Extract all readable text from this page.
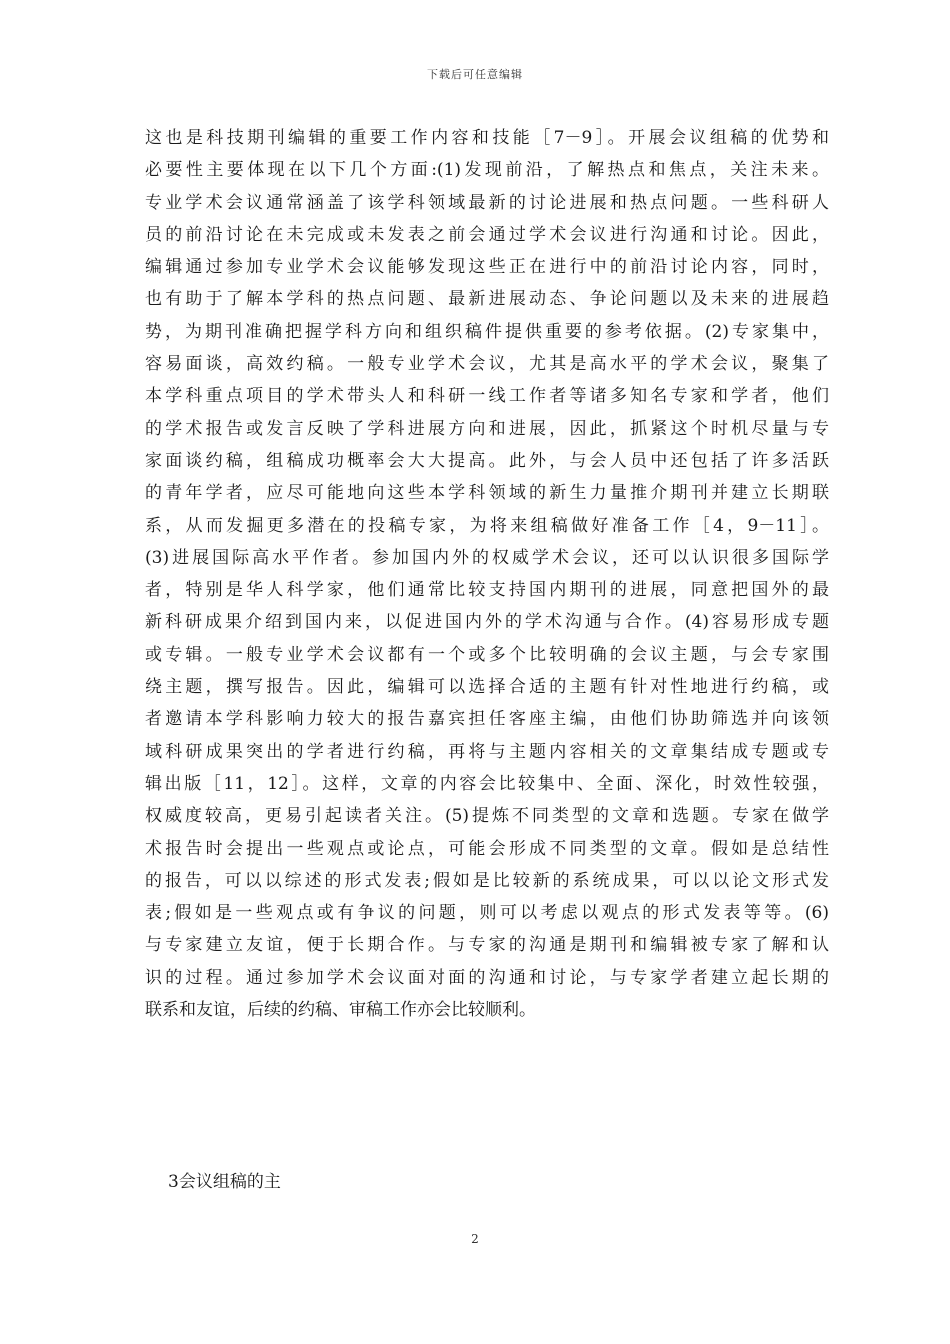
下载后可任意编辑
这也是科技期刊编辑的重要工作内容和技能［7－9］。开展会议组稿的优势和
必要性主要体现在以下几个方面:(1)发现前沿，了解热点和焦点，关注未来。
专业学术会议通常涵盖了该学科领域最新的讨论进展和热点问题。一些科研人
员的前沿讨论在未完成或未发表之前会通过学术会议进行沟通和讨论。因此，
编辑通过参加专业学术会议能够发现这些正在进行中的前沿讨论内容，同时，
也有助于了解本学科的热点问题、最新进展动态、争论问题以及未来的进展趋
势，为期刊准确把握学科方向和组织稿件提供重要的参考依据。(2)专家集中，
容易面谈，高效约稿。一般专业学术会议，尤其是高水平的学术会议，聚集了
本学科重点项目的学术带头人和科研一线工作者等诸多知名专家和学者，他们
的学术报告或发言反映了学科进展方向和进展，因此，抓紧这个时机尽量与专
家面谈约稿，组稿成功概率会大大提高。此外，与会人员中还包括了许多活跃
的青年学者，应尽可能地向这些本学科领域的新生力量推介期刊并建立长期联
系，从而发掘更多潜在的投稿专家，为将来组稿做好准备工作［4，9－11］。
(3)进展国际高水平作者。参加国内外的权威学术会议，还可以认识很多国际学
者，特别是华人科学家，他们通常比较支持国内期刊的进展，同意把国外的最
新科研成果介绍到国内来，以促进国内外的学术沟通与合作。(4)容易形成专题
或专辑。一般专业学术会议都有一个或多个比较明确的会议主题，与会专家围
绕主题，撰写报告。因此，编辑可以选择合适的主题有针对性地进行约稿，或
者邀请本学科影响力较大的报告嘉宾担任客座主编，由他们协助筛选并向该领
域科研成果突出的学者进行约稿，再将与主题内容相关的文章集结成专题或专
辑出版［11，12］。这样，文章的内容会比较集中、全面、深化，时效性较强，
权威度较高，更易引起读者关注。(5)提炼不同类型的文章和选题。专家在做学
术报告时会提出一些观点或论点，可能会形成不同类型的文章。假如是总结性
的报告，可以以综述的形式发表;假如是比较新的系统成果，可以以论文形式发
表;假如是一些观点或有争议的问题，则可以考虑以观点的形式发表等等。(6)
与专家建立友谊，便于长期合作。与专家的沟通是期刊和编辑被专家了解和认
识的过程。通过参加学术会议面对面的沟通和讨论，与专家学者建立起长期的
联系和友谊，后续的约稿、审稿工作亦会比较顺利。
3会议组稿的主
2
